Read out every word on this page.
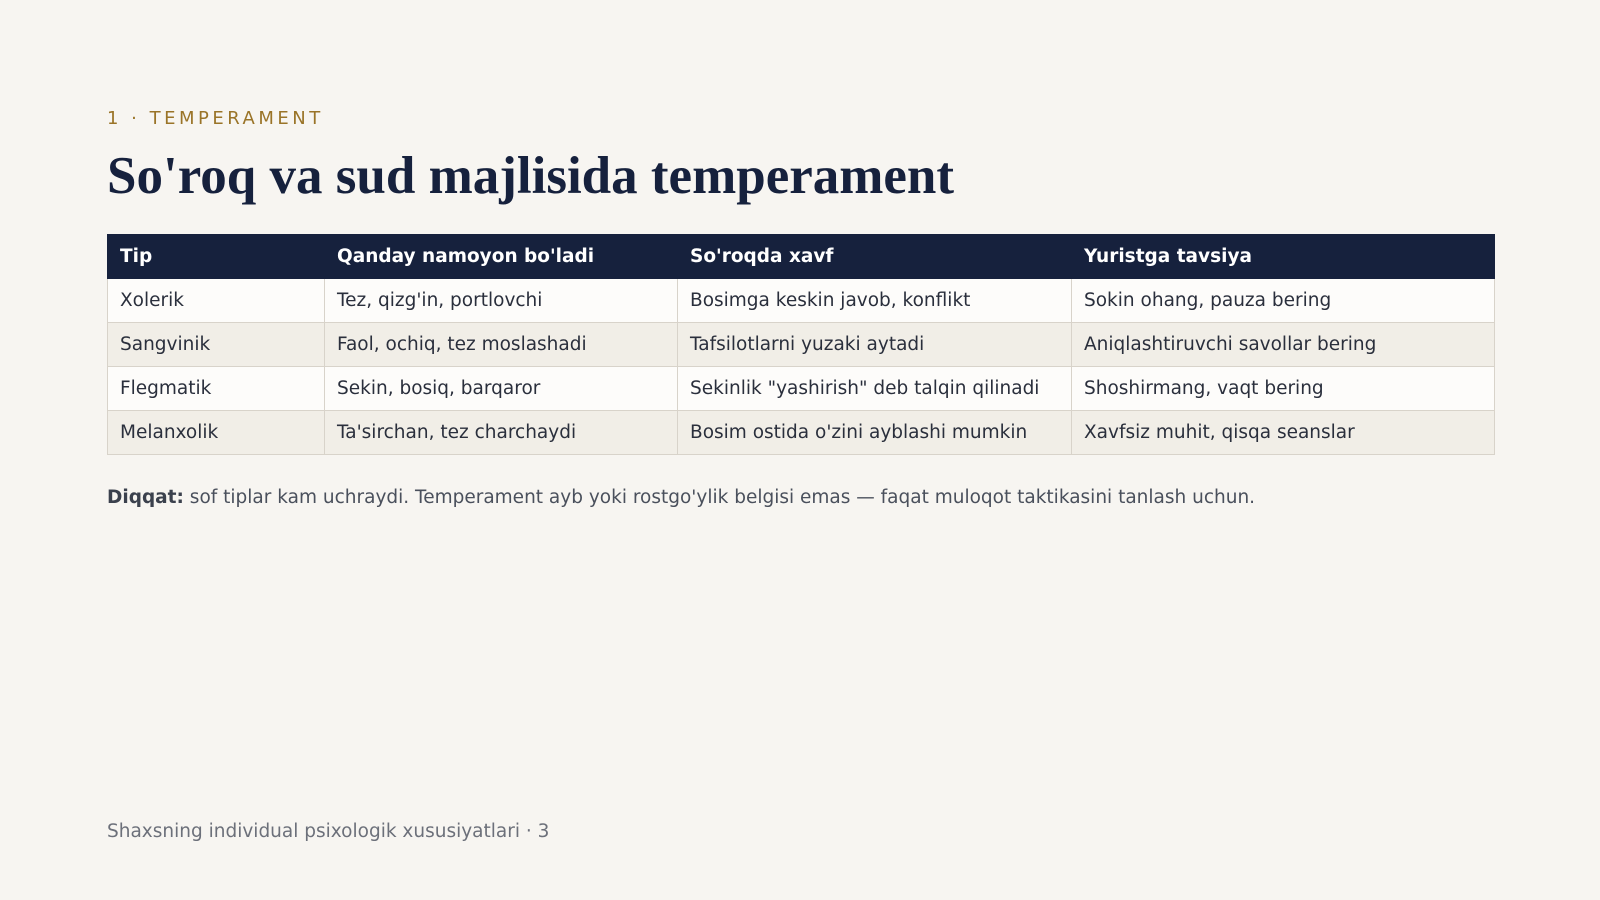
1 · TEMPERAMENT
So'roq va sud majlisida temperament
Tip	Qanday namoyon bo'ladi	So'roqda xavf	Yuristga tavsiya
Xolerik	Tez, qizg'in, portlovchi	Bosimga keskin javob, konflikt	Sokin ohang, pauza bering
Sangvinik	Faol, ochiq, tez moslashadi	Tafsilotlarni yuzaki aytadi	Aniqlashtiruvchi savollar bering
Flegmatik	Sekin, bosiq, barqaror	Sekinlik "yashirish" deb talqin qilinadi	Shoshirmang, vaqt bering
Melanxolik	Ta'sirchan, tez charchaydi	Bosim ostida o'zini ayblashi mumkin	Xavfsiz muhit, qisqa seanslar
Diqqat: sof tiplar kam uchraydi. Temperament ayb yoki rostgo'ylik belgisi emas — faqat muloqot taktikasini tanlash uchun.
Shaxsning individual psixologik xususiyatlari · 3
